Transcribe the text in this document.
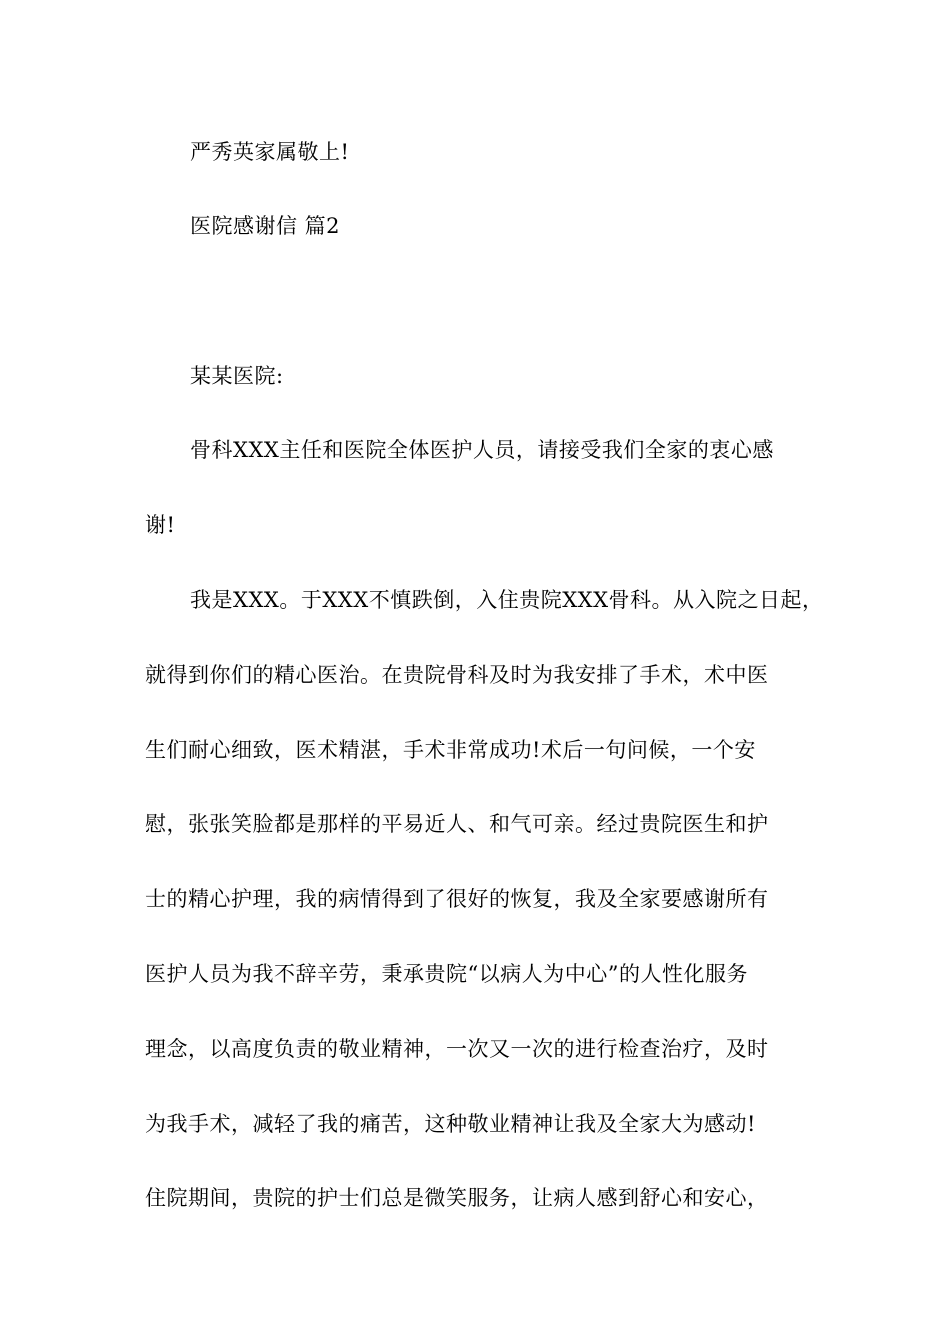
严秀英家属敬上!
医院感谢信 篇2
某某医院:
骨科XXX主任和医院全体医护人员，请接受我们全家的衷心感
谢!
我是XXX。于XXX不慎跌倒，入住贵院XXX骨科。从入院之日起，
就得到你们的精心医治。在贵院骨科及时为我安排了手术，术中医
生们耐心细致，医术精湛，手术非常成功!术后一句问候，一个安
慰，张张笑脸都是那样的平易近人、和气可亲。经过贵院医生和护
士的精心护理，我的病情得到了很好的恢复，我及全家要感谢所有
医护人员为我不辞辛劳，秉承贵院“以病人为中心”的人性化服务
理念，以高度负责的敬业精神，一次又一次的进行检查治疗，及时
为我手术，减轻了我的痛苦，这种敬业精神让我及全家大为感动!
住院期间，贵院的护士们总是微笑服务，让病人感到舒心和安心，
